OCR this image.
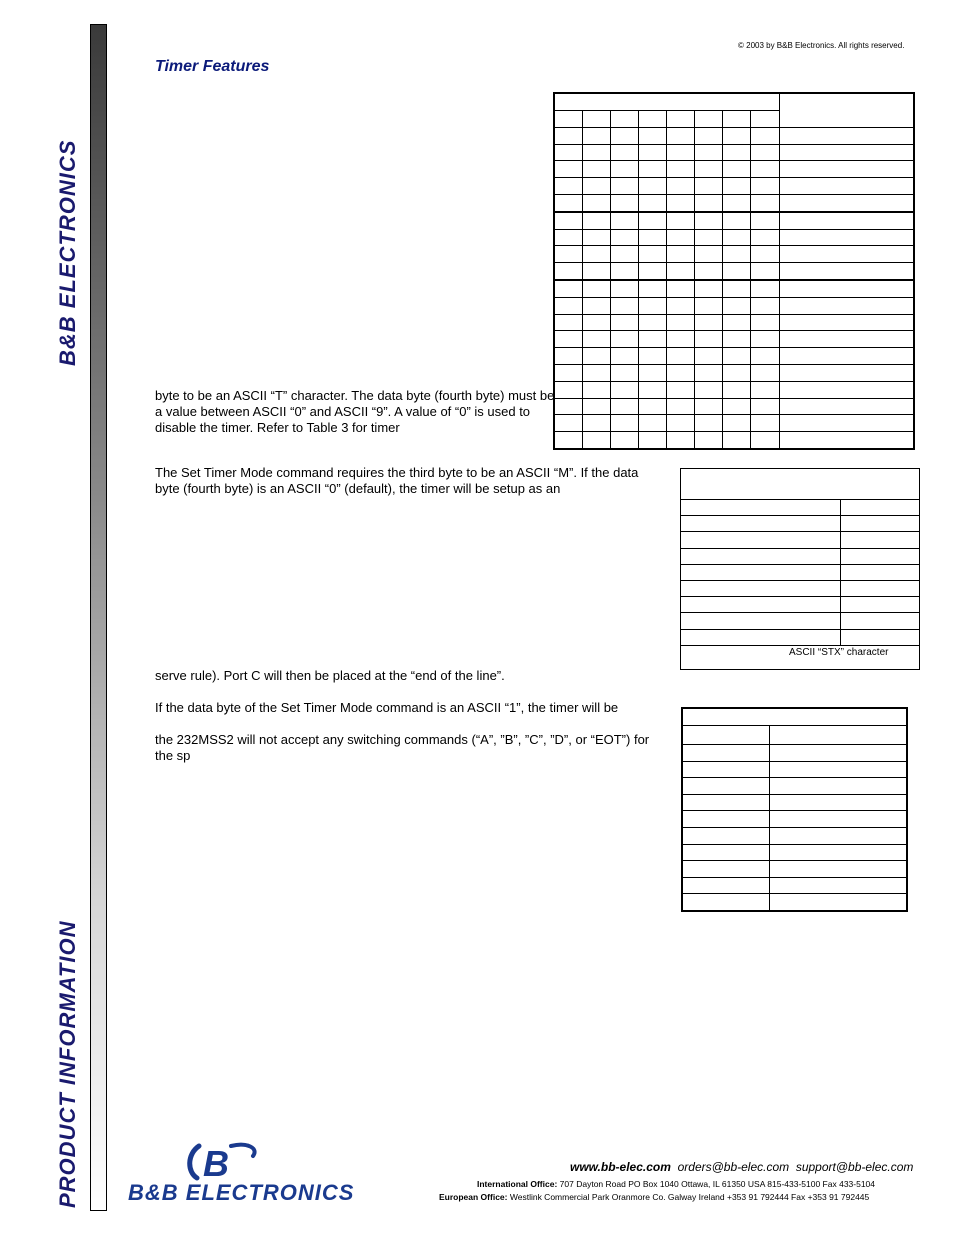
B&B ELECTRONICS
PRODUCT INFORMATION
© 2003 by B&B Electronics. All rights reserved.
Timer Features
byte to be an ASCII “T” character. The data byte (fourth byte) must be a value between ASCII “0” and ASCII “9”. A value of “0” is used to disable the timer. Refer to Table 3 for timer
The Set Timer Mode command requires the third byte to be an ASCII “M”. If the data byte (fourth byte) is an ASCII “0” (default), the timer will be setup as an
serve rule). Port C will then be placed at the “end of the line”.
If the data byte of the Set Timer Mode command is an ASCII “1”, the timer will be
the 232MSS2 will not accept any switching commands (“A”, ”B”, ”C”, ”D”, or “EOT”) for the sp

ASCII “STX” character	

B
B&B ELECTRONICS
www.bb-elec.com orders@bb-elec.com support@bb-elec.com
International Office: 707 Dayton Road PO Box 1040 Ottawa, IL 61350 USA 815-433-5100 Fax 433-5104
European Office: Westlink Commercial Park Oranmore Co. Galway Ireland +353 91 792444 Fax +353 91 792445
